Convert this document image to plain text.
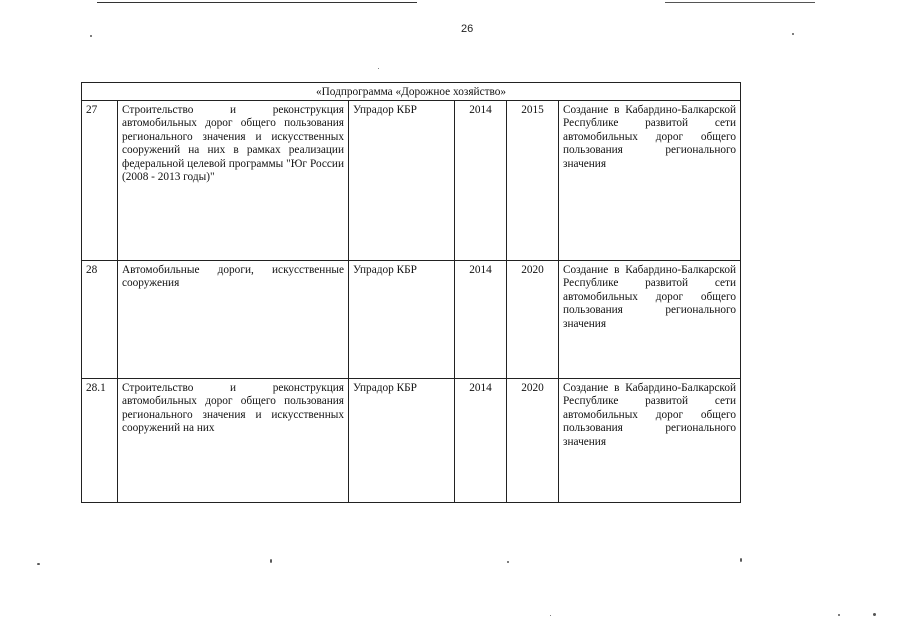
26
«Подпрограмма «Дорожное хозяйство»					
27	Строительство и реконструкция автомобильных дорог общего пользования регионального значения и искусственных сооружений на них в рамках реализации федеральной целевой программы "Юг России (2008 - 2013 годы)"	Упрадор КБР	2014	2015	Создание в Кабардино-Балкарской Республике развитой сети автомобильных дорог общего пользования регионального значения
28	Автомобильные дороги, искусственные сооружения	Упрадор КБР	2014	2020	Создание в Кабардино-Балкарской Республике развитой сети автомобильных дорог общего пользования регионального значения
28.1	Строительство и реконструкция автомобильных дорог общего пользования регионального значения и искусственных сооружений на них	Упрадор КБР	2014	2020	Создание в Кабардино-Балкарской Республике развитой сети автомобильных дорог общего пользования регионального значения
